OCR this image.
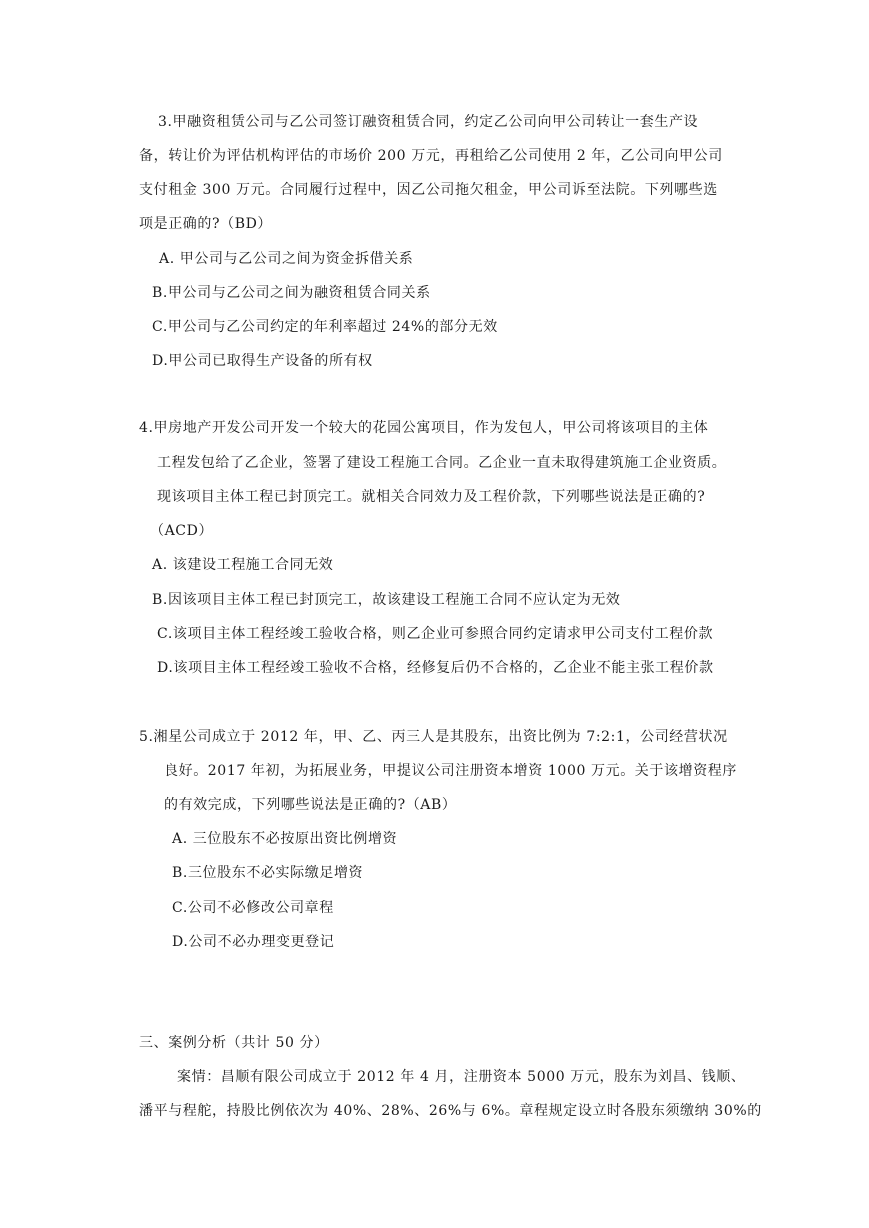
3.甲融资租赁公司与乙公司签订融资租赁合同，约定乙公司向甲公司转让一套生产设
备，转让价为评估机构评估的市场价 200 万元，再租给乙公司使用 2 年，乙公司向甲公司
支付租金 300 万元。合同履行过程中，因乙公司拖欠租金，甲公司诉至法院。下列哪些选
项是正确的?（BD）
A. 甲公司与乙公司之间为资金拆借关系
B.甲公司与乙公司之间为融资租赁合同关系
C.甲公司与乙公司约定的年利率超过 24%的部分无效
D.甲公司已取得生产设备的所有权
4.甲房地产开发公司开发一个较大的花园公寓项目，作为发包人，甲公司将该项目的主体
工程发包给了乙企业，签署了建设工程施工合同。乙企业一直未取得建筑施工企业资质。
现该项目主体工程已封顶完工。就相关合同效力及工程价款，下列哪些说法是正确的?
（ACD）
A. 该建设工程施工合同无效
B.因该项目主体工程已封顶完工，故该建设工程施工合同不应认定为无效
C.该项目主体工程经竣工验收合格，则乙企业可参照合同约定请求甲公司支付工程价款
D.该项目主体工程经竣工验收不合格，经修复后仍不合格的，乙企业不能主张工程价款
5.湘星公司成立于 2012 年，甲、乙、丙三人是其股东，出资比例为 7:2:1，公司经营状况
良好。2017 年初，为拓展业务，甲提议公司注册资本增资 1000 万元。关于该增资程序
的有效完成，下列哪些说法是正确的?（AB）
A. 三位股东不必按原出资比例增资
B.三位股东不必实际缴足增资
C.公司不必修改公司章程
D.公司不必办理变更登记
三、案例分析（共计 50 分）
案情：昌顺有限公司成立于 2012 年 4 月，注册资本 5000 万元，股东为刘昌、钱顺、
潘平与程舵，持股比例依次为 40%、28%、26%与 6%。章程规定设立时各股东须缴纳 30%的
